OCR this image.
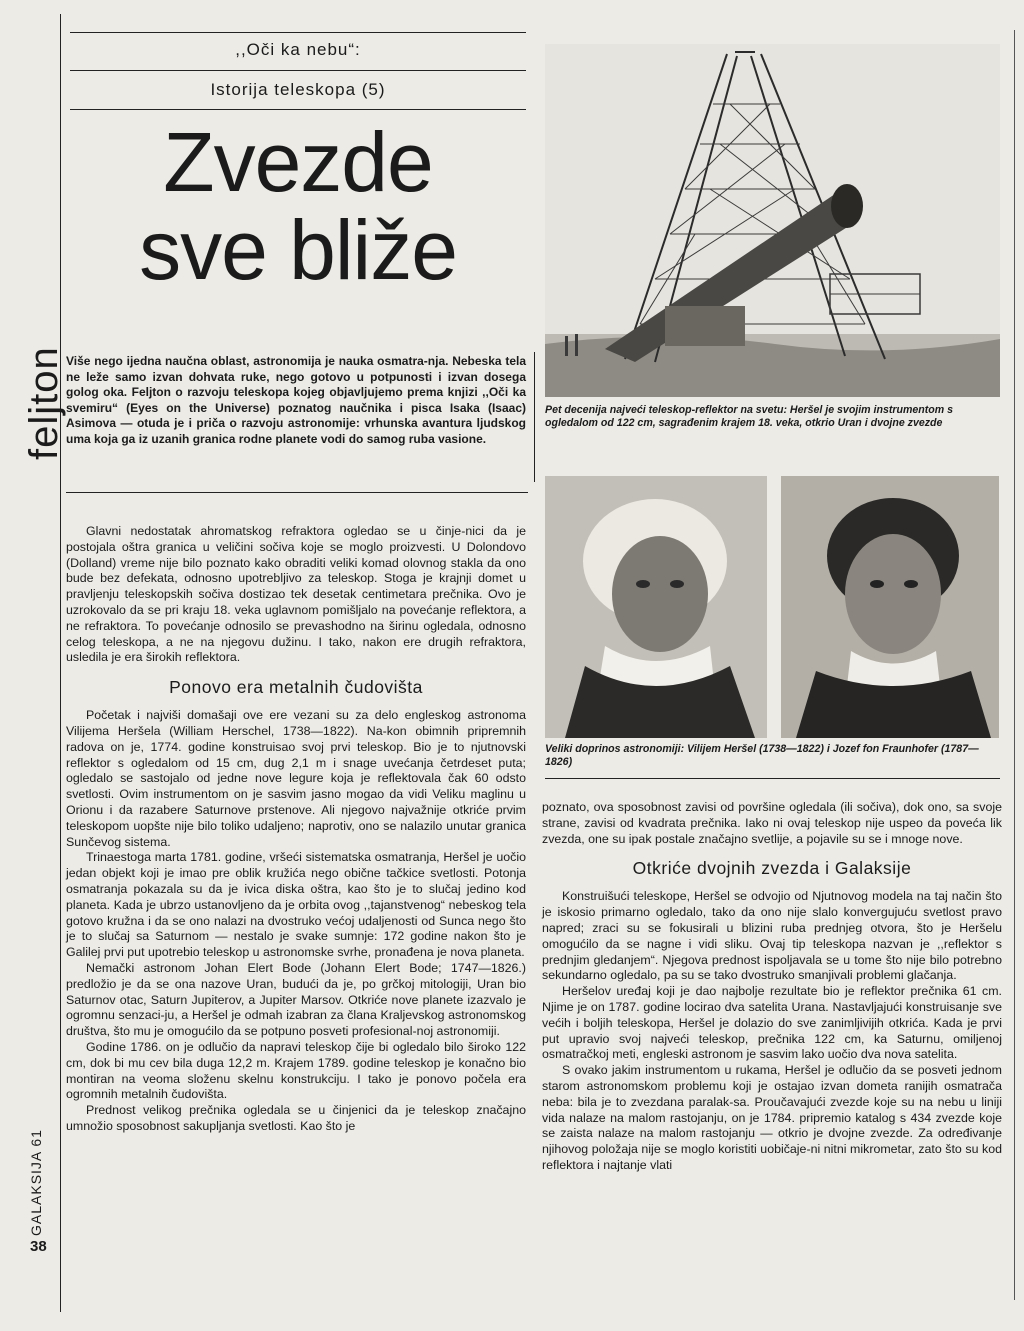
feljton
GALAKSIJA 61
38
,,Oči ka nebu“:
Istorija teleskopa (5)
Zvezde
sve bliže

Više nego ijedna naučna oblast, astronomija je nauka osmatra-nja. Nebeska tela ne leže samo izvan dohvata ruke, nego gotovo u potpunosti i izvan dosega golog oka. Feljton o razvoju teleskopa kojeg objavljujemo prema knjizi ,,Oči ka svemiru“ (Eyes on the Universe) poznatog naučnika i pisca Isaka (Isaac) Asimova — otuda je i priča o razvoju astronomije: vrhunska avantura ljudskog uma koja ga iz uzanih granica rodne planete vodi do samog ruba vasione.

Pet decenija najveći teleskop-reflektor na svetu: Heršel je svojim instrumentom s ogledalom od 122 cm, sagrađenim krajem 18. veka, otkrio Uran i dvojne zvezde
Veliki doprinos astronomiji: Vilijem Heršel (1738—1822) i Jozef fon Fraunhofer (1787—1826)

Glavni nedostatak ahromatskog refraktora ogledao se u činje-nici da je postojala oštra granica u veličini sočiva koje se moglo proizvesti. U Dolondovo (Dolland) vreme nije bilo poznato kako obraditi veliki komad olovnog stakla da ono bude bez defekata, odnosno upotrebljivo za teleskop. Stoga je krajnji domet u pravljenju teleskopskih sočiva dostizao tek desetak centimetara prečnika. Ovo je uzrokovalo da se pri kraju 18. veka uglavnom pomišljalo na povećanje reflektora, a ne refraktora. To povećanje odnosilo se prevashodno na širinu ogledala, odnosno celog teleskopa, a ne na njegovu dužinu. I tako, nakon ere drugih refraktora, usledila je era širokih reflektora.

Ponovo era metalnih čudovišta

Početak i najviši domašaji ove ere vezani su za delo engleskog astronoma Vilijema Heršela (William Herschel, 1738—1822). Na-kon obimnih pripremnih radova on je, 1774. godine konstruisao svoj prvi teleskop. Bio je to njutnovski reflektor s ogledalom od 15 cm, dug 2,1 m i snage uvećanja četrdeset puta; ogledalo se sastojalo od jedne nove legure koja je reflektovala čak 60 odsto svetlosti. Ovim instrumentom on je sasvim jasno mogao da vidi Veliku maglinu u Orionu i da razabere Saturnove prstenove. Ali njegovo najvažnije otkriće prvim teleskopom uopšte nije bilo toliko udaljeno; naprotiv, ono se nalazilo unutar granica Sunčevog sistema.

Trinaestoga marta 1781. godine, vršeći sistematska osmatranja, Heršel je uočio jedan objekt koji je imao pre oblik kružića nego obične tačkice svetlosti. Potonja osmatranja pokazala su da je ivica diska oštra, kao što je to slučaj jedino kod planeta. Kada je ubrzo ustanovljeno da je orbita ovog ,,tajanstvenog“ nebeskog tela gotovo kružna i da se ono nalazi na dvostruko većoj udaljenosti od Sunca nego što je to slučaj sa Saturnom — nestalo je svake sumnje: 172 godine nakon što je Galilej prvi put upotrebio teleskop u astronomske svrhe, pronađena je nova planeta.

Nemački astronom Johan Elert Bode (Johann Elert Bode; 1747—1826.) predložio je da se ona nazove Uran, budući da je, po grčkoj mitologiji, Uran bio Saturnov otac, Saturn Jupiterov, a Jupiter Marsov. Otkriće nove planete izazvalo je ogromnu senzaci-ju, a Heršel je odmah izabran za člana Kraljevskog astronomskog društva, što mu je omogućilo da se potpuno posveti profesional-noj astronomiji.

Godine 1786. on je odlučio da napravi teleskop čije bi ogledalo bilo široko 122 cm, dok bi mu cev bila duga 12,2 m. Krajem 1789. godine teleskop je konačno bio montiran na veoma složenu skelnu konstrukciju. I tako je ponovo počela era ogromnih metalnih čudovišta.

Prednost velikog prečnika ogledala se u činjenici da je teleskop značajno umnožio sposobnost sakupljanja svetlosti. Kao što je

poznato, ova sposobnost zavisi od površine ogledala (ili sočiva), dok ono, sa svoje strane, zavisi od kvadrata prečnika. Iako ni ovaj teleskop nije uspeo da poveća lik zvezda, one su ipak postale značajno svetlije, a pojavile su se i mnoge nove.

Otkriće dvojnih zvezda i Galaksije

Konstruišući teleskope, Heršel se odvojio od Njutnovog modela na taj način što je iskosio primarno ogledalo, tako da ono nije slalo konvergujuću svetlost pravo napred; zraci su se fokusirali u blizini ruba prednjeg otvora, što je Heršelu omogućilo da se nagne i vidi sliku. Ovaj tip teleskopa nazvan je ,,reflektor s prednjim gledanjem“. Njegova prednost ispoljavala se u tome što nije bilo potrebno sekundarno ogledalo, pa su se tako dvostruko smanjivali problemi glačanja.

Heršelov uređaj koji je dao najbolje rezultate bio je reflektor prečnika 61 cm. Njime je on 1787. godine locirao dva satelita Urana. Nastavljajući konstruisanje sve većih i boljih teleskopa, Heršel je dolazio do sve zanimljivijih otkrića. Kada je prvi put upravio svoj najveći teleskop, prečnika 122 cm, ka Saturnu, omiljenoj osmatračkoj meti, engleski astronom je sasvim lako uočio dva nova satelita.

S ovako jakim instrumentom u rukama, Heršel je odlučio da se posveti jednom starom astronomskom problemu koji je ostajao izvan dometa ranijih osmatrača neba: bila je to zvezdana paralak-sa. Proučavajući zvezde koje su na nebu u liniji vida nalaze na malom rastojanju, on je 1784. pripremio katalog s 434 zvezde koje se zaista nalaze na malom rastojanju — otkrio je dvojne zvezde. Za određivanje njihovog položaja nije se moglo koristiti uobičaje-ni nitni mikrometar, zato što su kod reflektora i najtanje vlati
